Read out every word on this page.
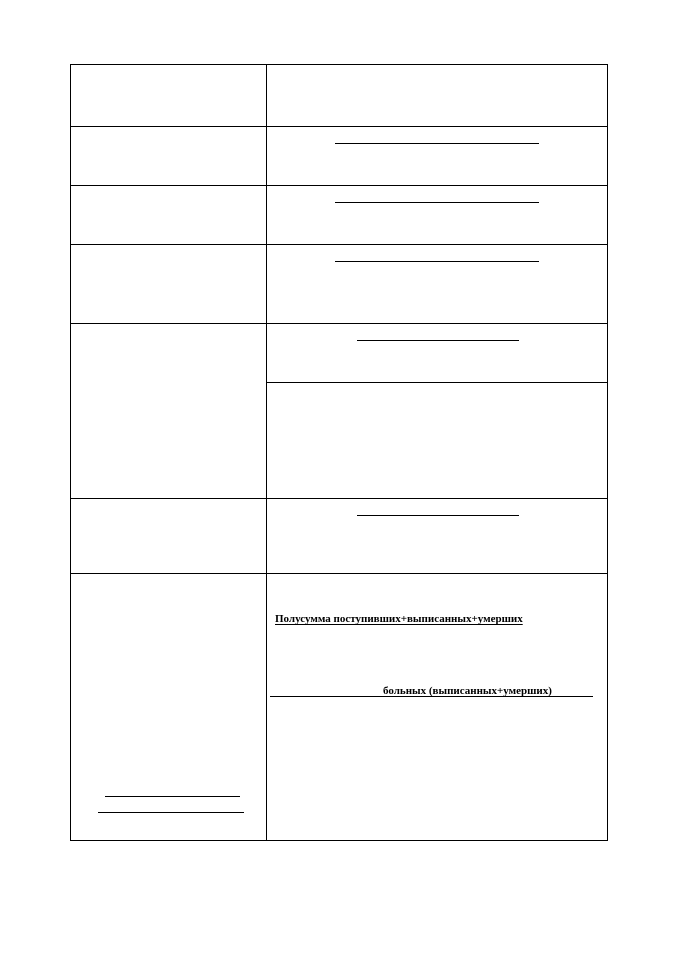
Полусумма поступивших+выписанных+умерших
больных (выписанных+умерших)
